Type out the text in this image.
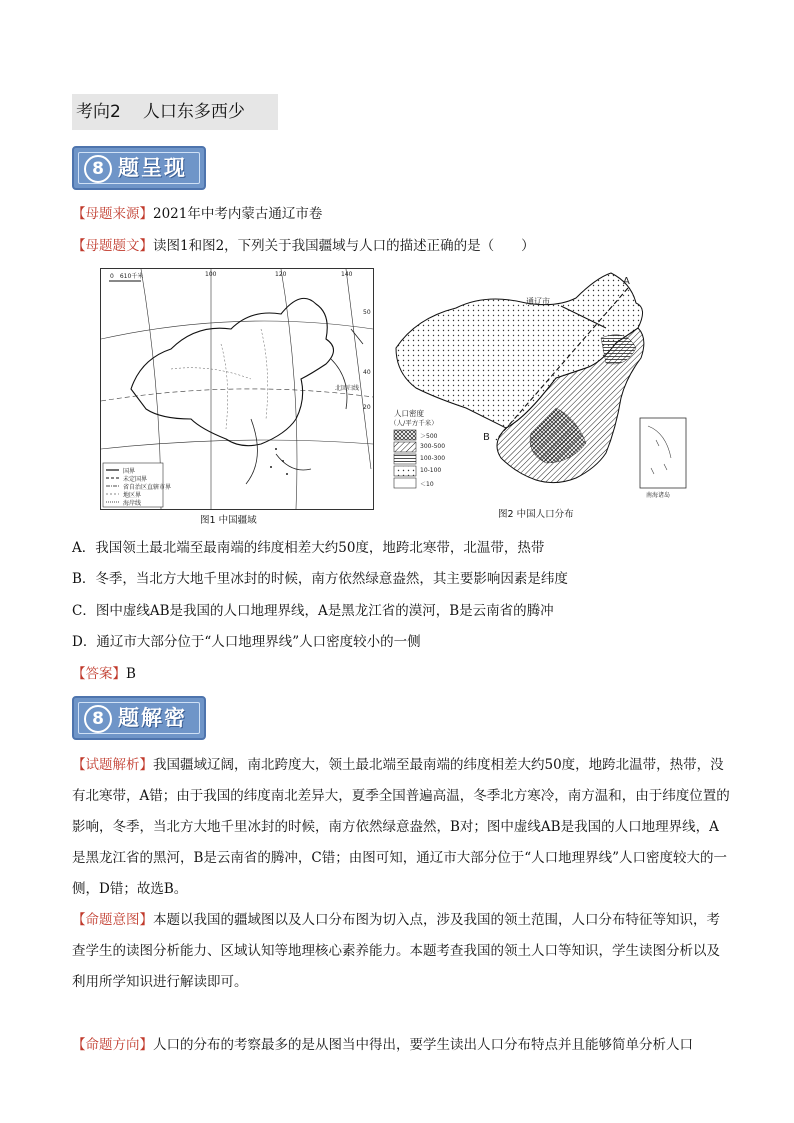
考向2 人口东多西少
8 题呈现
【母题来源】2021年中考内蒙古通辽市卷
【母题题文】读图1和图2，下列关于我国疆域与人口的描述正确的是（　　）
0　610千米	100	120	140
50
40
20
北回归线
国界
未定国界
省自治区直辖市界
地区界
海岸线
图1 中国疆域
A
B
通辽市
人口密度
（人/平方千米）
＞500
300-500
100-300
10-100
＜10
南海诸岛
图2 中国人口分布
A．我国领土最北端至最南端的纬度相差大约50度，地跨北寒带，北温带，热带
B．冬季，当北方大地千里冰封的时候，南方依然绿意盎然，其主要影响因素是纬度
C．图中虚线AB是我国的人口地理界线，A是黑龙江省的漠河，B是云南省的腾冲
D．通辽市大部分位于“人口地理界线”人口密度较小的一侧
【答案】B
8 题解密
【试题解析】我国疆域辽阔，南北跨度大，领土最北端至最南端的纬度相差大约50度，地跨北温带，热带，没有北寒带，A错；由于我国的纬度南北差异大，夏季全国普遍高温，冬季北方寒冷，南方温和，由于纬度位置的影响，冬季，当北方大地千里冰封的时候，南方依然绿意盎然，B对；图中虚线AB是我国的人口地理界线，A是黑龙江省的黑河，B是云南省的腾冲，C错；由图可知，通辽市大部分位于“人口地理界线”人口密度较大的一侧，D错；故选B。
【命题意图】本题以我国的疆域图以及人口分布图为切入点，涉及我国的领土范围，人口分布特征等知识，考查学生的读图分析能力、区域认知等地理核心素养能力。本题考查我国的领土人口等知识，学生读图分析以及利用所学知识进行解读即可。
【命题方向】人口的分布的考察最多的是从图当中得出，要学生读出人口分布特点并且能够简单分析人口
